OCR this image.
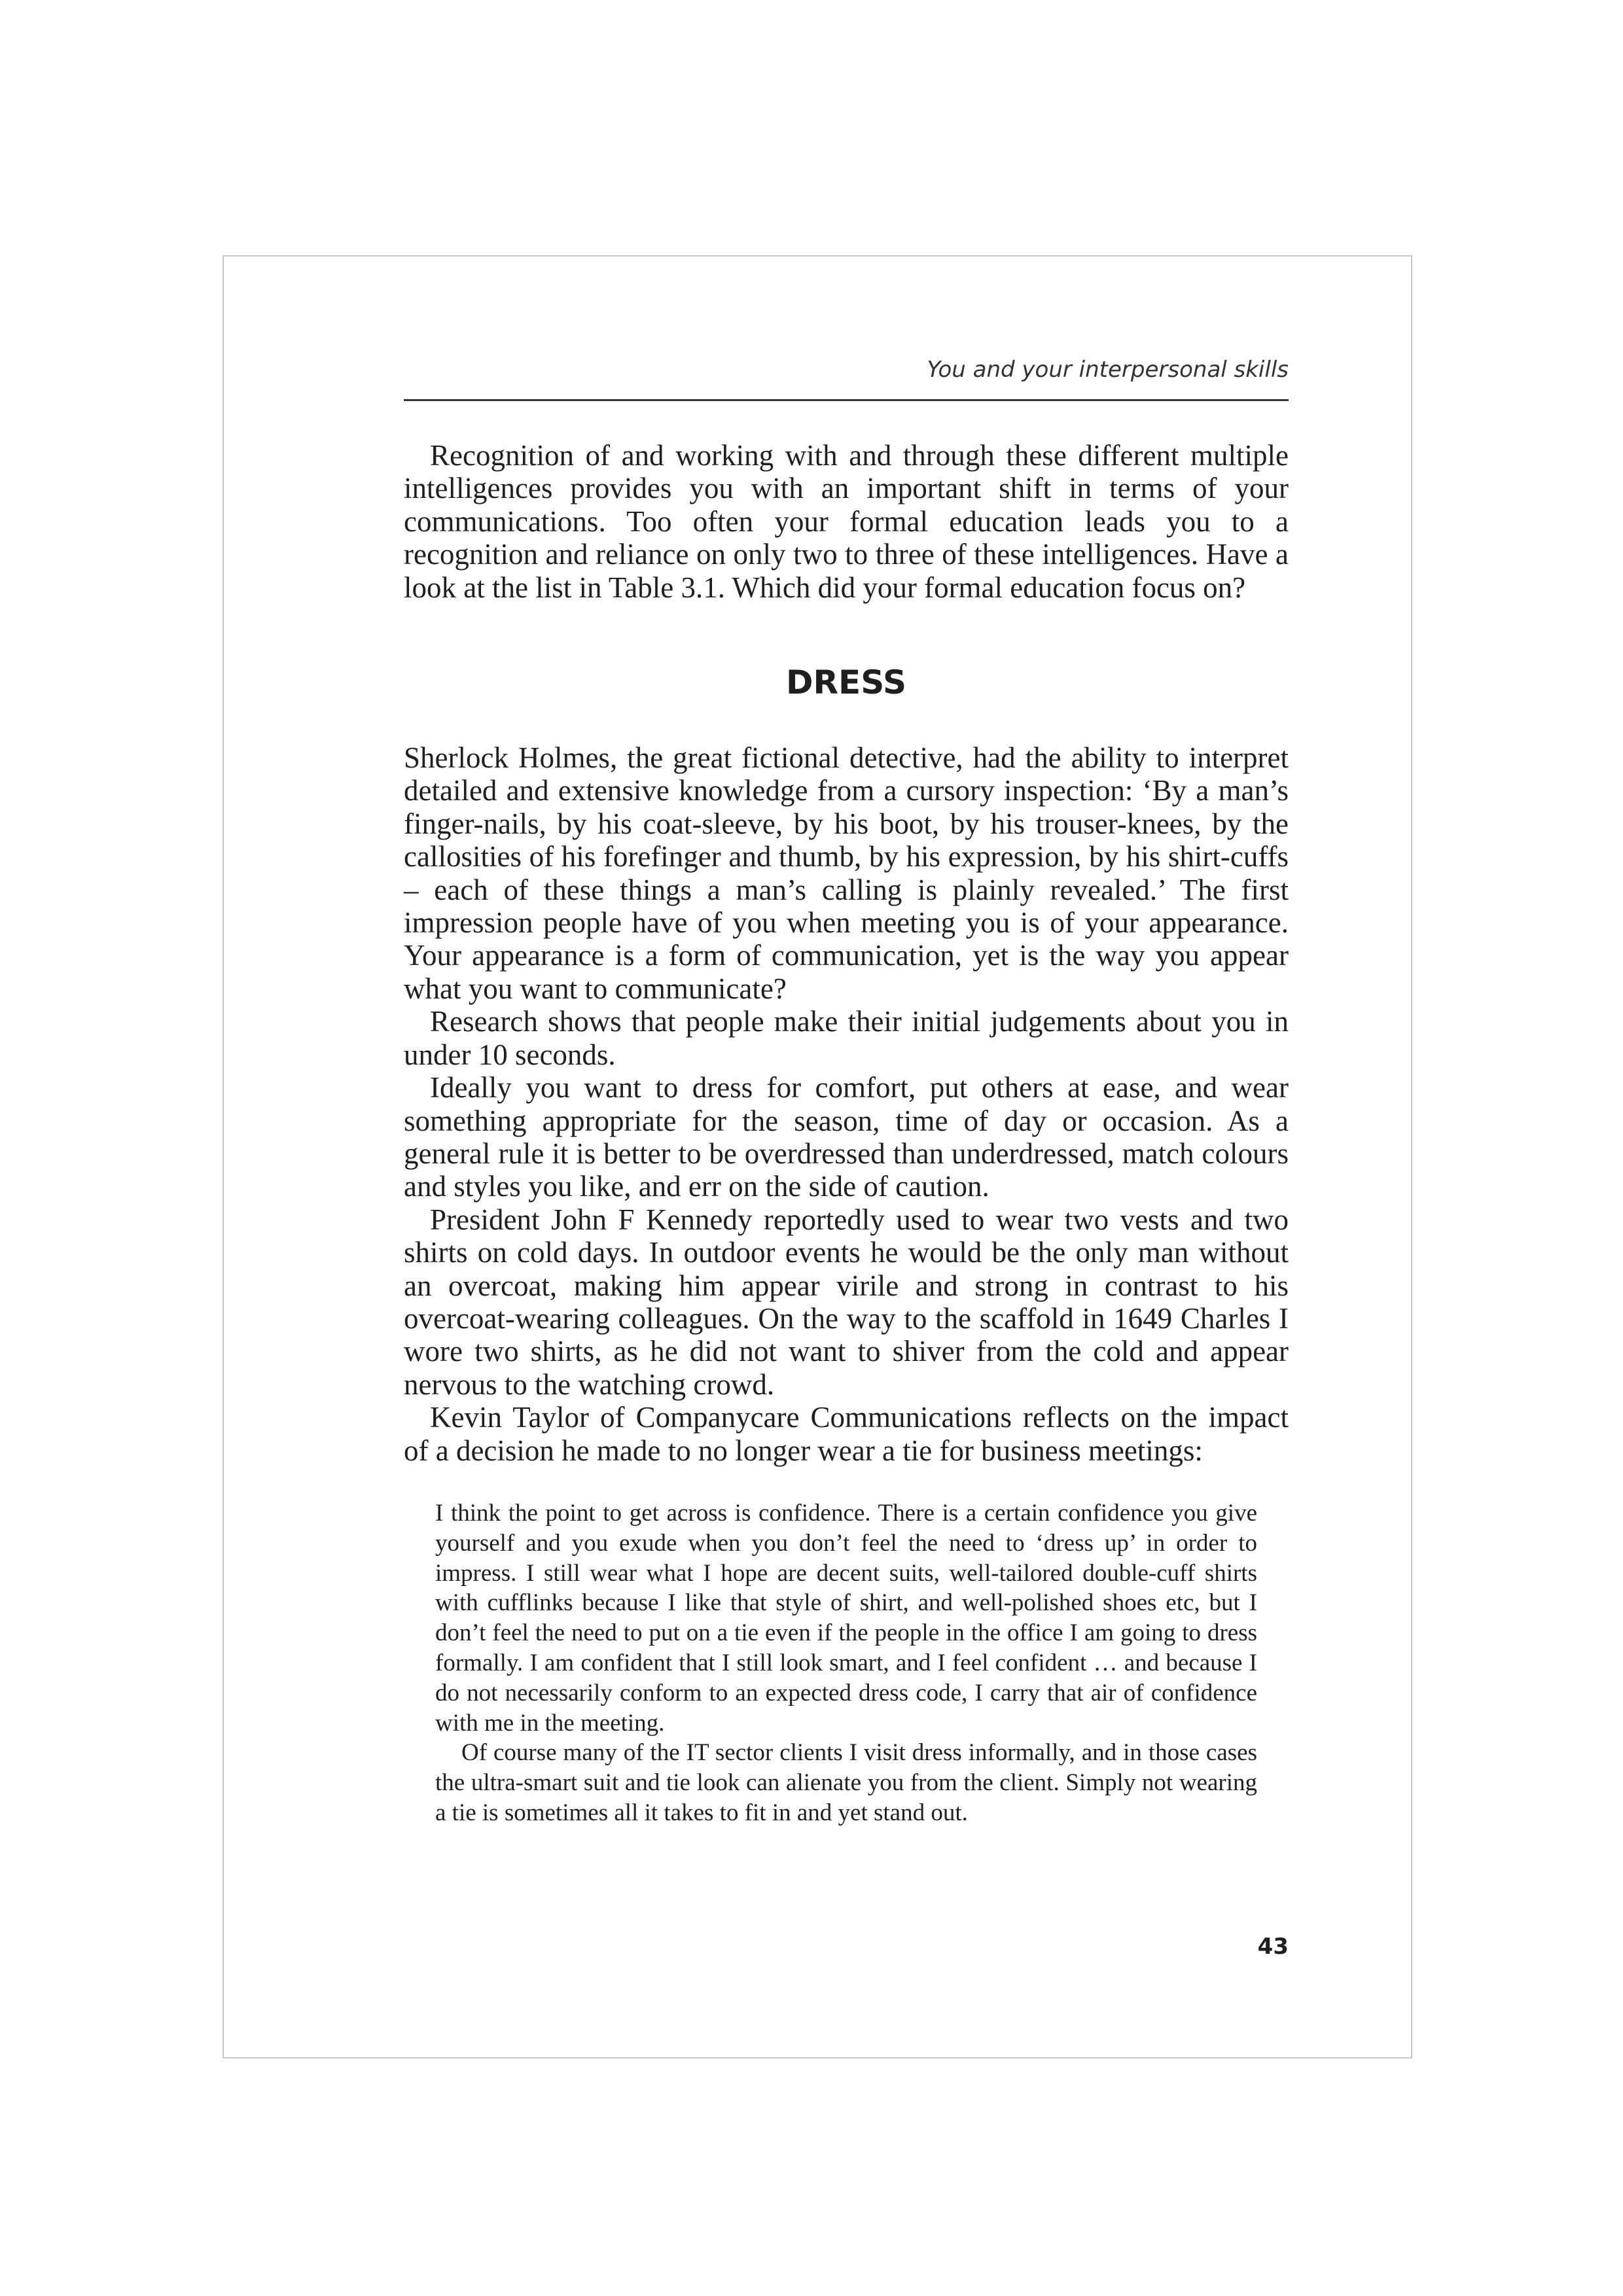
You and your interpersonal skills

Recognition of and working with and through these different multiple intelligences provides you with an important shift in terms of your communications. Too often your formal education leads you to a recognition and reliance on only two to three of these intelligences. Have a look at the list in Table 3.1. Which did your formal education focus on?

DRESS

Sherlock Holmes, the great fictional detective, had the ability to interpret detailed and extensive knowledge from a cursory inspection: ‘By a man’s finger-nails, by his coat-sleeve, by his boot, by his trouser-knees, by the callosities of his forefinger and thumb, by his expression, by his shirt-cuffs – each of these things a man’s calling is plainly revealed.’ The first impression people have of you when meeting you is of your appearance. Your appearance is a form of communication, yet is the way you appear what you want to communicate?

Research shows that people make their initial judgements about you in under 10 seconds.

Ideally you want to dress for comfort, put others at ease, and wear something appropriate for the season, time of day or occasion. As a general rule it is better to be overdressed than underdressed, match colours and styles you like, and err on the side of caution.

President John F Kennedy reportedly used to wear two vests and two shirts on cold days. In outdoor events he would be the only man without an overcoat, making him appear virile and strong in contrast to his overcoat-wearing colleagues. On the way to the scaffold in 1649 Charles I wore two shirts, as he did not want to shiver from the cold and appear nervous to the watching crowd.

Kevin Taylor of Companycare Communications reflects on the impact of a decision he made to no longer wear a tie for business meetings:

I think the point to get across is confidence. There is a certain confidence you give yourself and you exude when you don’t feel the need to ‘dress up’ in order to impress. I still wear what I hope are decent suits, well-tailored double-cuff shirts with cufflinks because I like that style of shirt, and well-polished shoes etc, but I don’t feel the need to put on a tie even if the people in the office I am going to dress formally. I am confident that I still look smart, and I feel confident … and because I do not necessarily conform to an expected dress code, I carry that air of confidence with me in the meeting.

Of course many of the IT sector clients I visit dress informally, and in those cases the ultra-smart suit and tie look can alienate you from the client. Simply not wearing a tie is sometimes all it takes to fit in and yet stand out.

43
